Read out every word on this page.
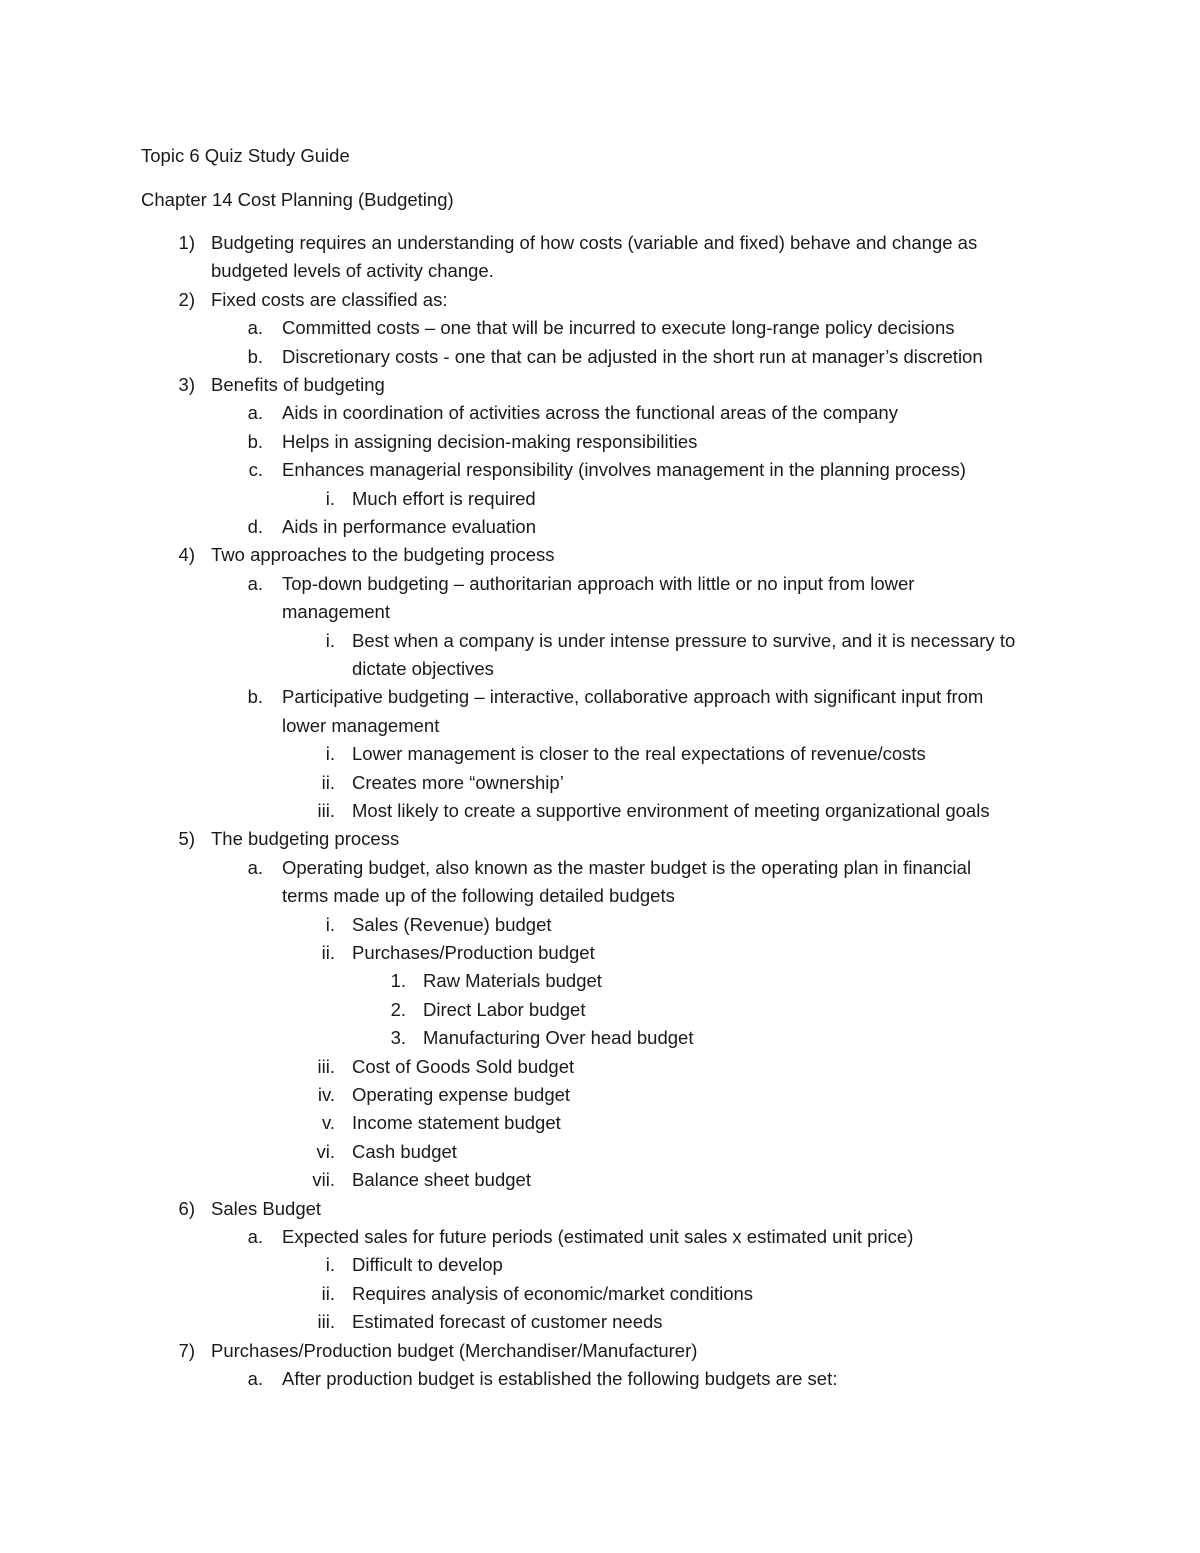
Topic 6 Quiz Study Guide
Chapter 14 Cost Planning (Budgeting)
1) Budgeting requires an understanding of how costs (variable and fixed) behave and change as
budgeted levels of activity change.
2) Fixed costs are classified as:
a. Committed costs – one that will be incurred to execute long-range policy decisions
b. Discretionary costs - one that can be adjusted in the short run at manager’s discretion
3) Benefits of budgeting
a. Aids in coordination of activities across the functional areas of the company
b. Helps in assigning decision-making responsibilities
c. Enhances managerial responsibility (involves management in the planning process)
i. Much effort is required
d. Aids in performance evaluation
4) Two approaches to the budgeting process
a. Top-down budgeting – authoritarian approach with little or no input from lower
management
i. Best when a company is under intense pressure to survive, and it is necessary to
dictate objectives
b. Participative budgeting – interactive, collaborative approach with significant input from
lower management
i. Lower management is closer to the real expectations of revenue/costs
ii. Creates more “ownership’
iii. Most likely to create a supportive environment of meeting organizational goals
5) The budgeting process
a. Operating budget, also known as the master budget is the operating plan in financial
terms made up of the following detailed budgets
i. Sales (Revenue) budget
ii. Purchases/Production budget
1. Raw Materials budget
2. Direct Labor budget
3. Manufacturing Over head budget
iii. Cost of Goods Sold budget
iv. Operating expense budget
v. Income statement budget
vi. Cash budget
vii. Balance sheet budget
6) Sales Budget
a. Expected sales for future periods (estimated unit sales x estimated unit price)
i. Difficult to develop
ii. Requires analysis of economic/market conditions
iii. Estimated forecast of customer needs
7) Purchases/Production budget (Merchandiser/Manufacturer)
a. After production budget is established the following budgets are set:
